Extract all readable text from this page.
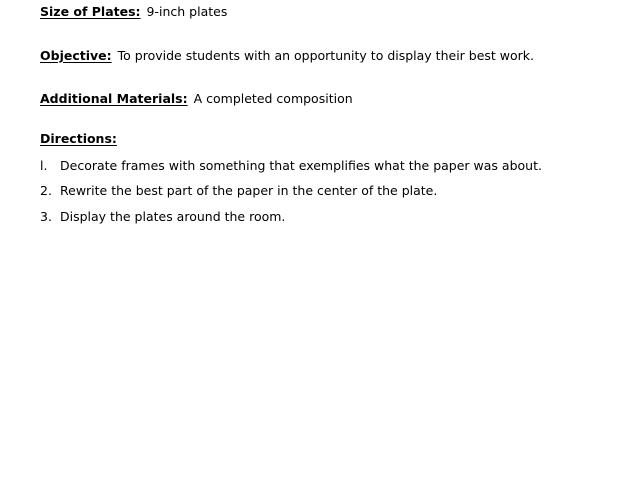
Size of Plates: 9-inch plates
Objective: To provide students with an opportunity to display their best work.
Additional Materials: A completed composition
Directions:
l.	Decorate frames with something that exemplifies what the paper was about.
2. Rewrite the best part of the paper in the center of the plate.
3. Display the plates around the room.
